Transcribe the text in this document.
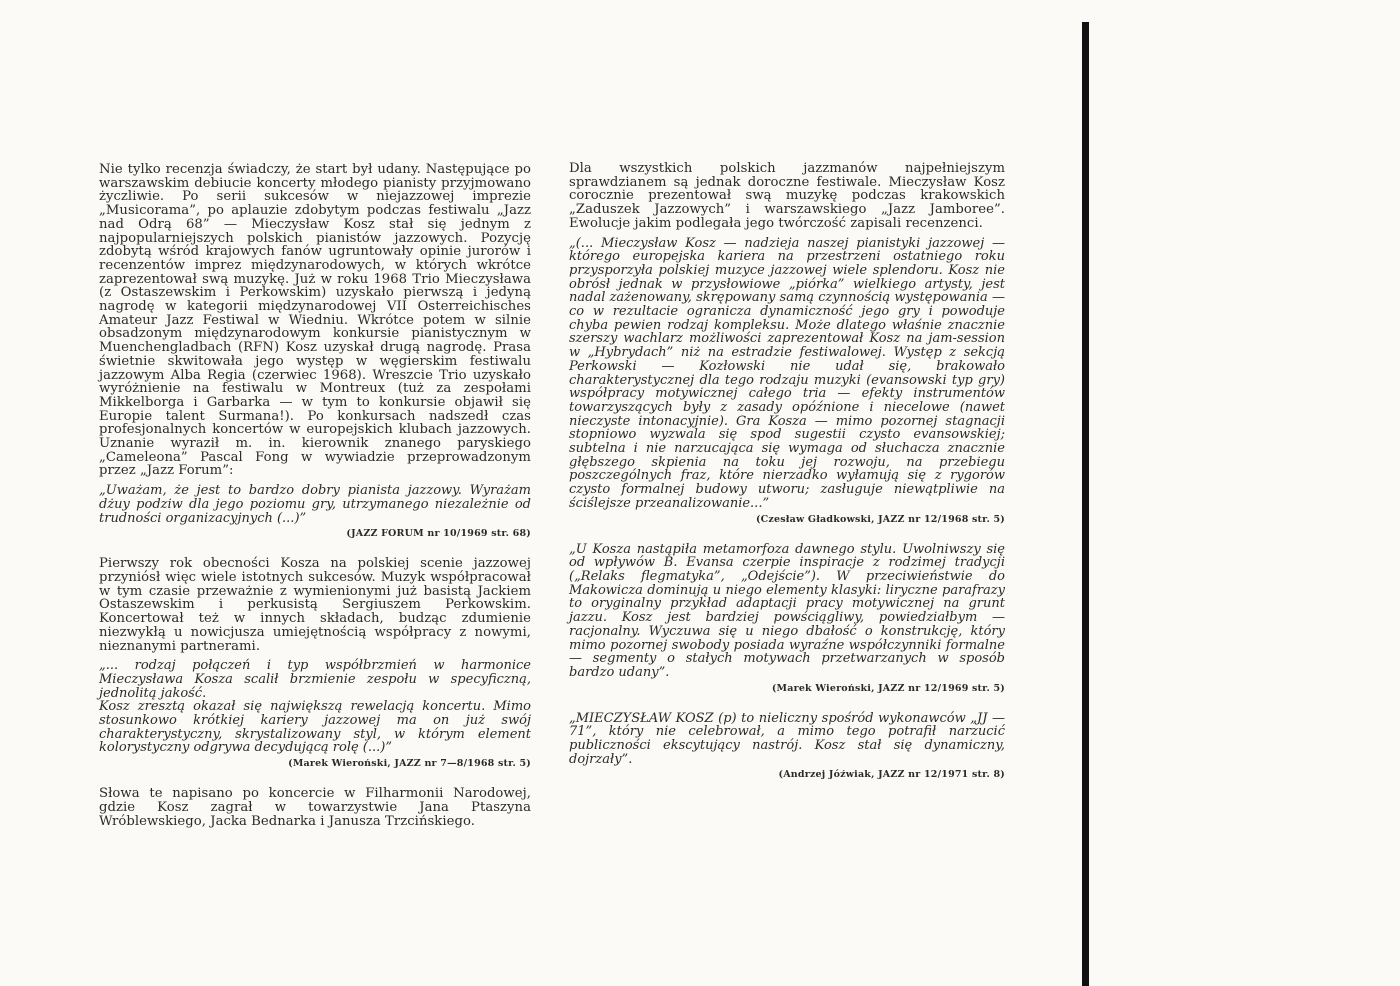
Nie tylko recenzja świadczy, że start był udany. Następujące po warszawskim debiucie koncerty młodego pianisty przyjmowano życzliwie. Po serii sukcesów w niejazzowej imprezie „Musicorama”, po aplauzie zdobytym podczas festiwalu „Jazz nad Odrą 68” — Mieczysław Kosz stał się jednym z najpopularniejszych polskich pianistów jazzowych. Pozycję zdobytą wśród krajowych fanów ugruntowały opinie jurorów i recenzentów imprez międzynarodowych, w których wkrótce zaprezentował swą muzykę. Już w roku 1968 Trio Mieczysława (z Ostaszewskim i Perkowskim) uzyskało pierwszą i jedyną nagrodę w kategorii międzynarodowej VII Osterreichisches Amateur Jazz Festiwal w Wiedniu. Wkrótce potem w silnie obsadzonym międzynarodowym konkursie pianistycznym w Muenchengladbach (RFN) Kosz uzyskał drugą nagrodę. Prasa świetnie skwitowała jego występ w węgierskim festiwalu jazzowym Alba Regia (czerwiec 1968). Wreszcie Trio uzyskało wyróżnienie na festiwalu w Montreux (tuż za zespołami Mikkelborga i Garbarka — w tym to konkursie objawił się Europie talent Surmana!). Po konkursach nadszedł czas profesjonalnych koncertów w europejskich klubach jazzowych. Uznanie wyraził m. in. kierownik znanego paryskiego „Cameleona” Pascal Fong w wywiadzie przeprowadzonym przez „Jazz Forum”:

„Uważam, że jest to bardzo dobry pianista jazzowy. Wyrażam dżuy podziw dla jego poziomu gry, utrzymanego niezależnie od trudności organizacyjnych (...)”

(JAZZ FORUM nr 10/1969 str. 68)

Pierwszy rok obecności Kosza na polskiej scenie jazzowej przyniósł więc wiele istotnych sukcesów. Muzyk współpracował w tym czasie przeważnie z wymienionymi już basistą Jackiem Ostaszewskim i perkusistą Sergiuszem Perkowskim. Koncertował też w innych składach, budząc zdumienie niezwykłą u nowicjusza umiejętnością współpracy z nowymi, nieznanymi partnerami.

„... rodzaj połączeń i typ współbrzmień w harmonice Mieczysława Kosza scalił brzmienie zespołu w specyficzną, jednolitą jakość.

Kosz zresztą okazał się największą rewelacją koncertu. Mimo stosunkowo krótkiej kariery jazzowej ma on już swój charakterystyczny, skrystalizowany styl, w którym element kolorystyczny odgrywa decydującą rolę (...)”

(Marek Wieroński, JAZZ nr 7—8/1968 str. 5)

Słowa te napisano po koncercie w Filharmonii Narodowej, gdzie Kosz zagrał w towarzystwie Jana Ptaszyna Wróblewskiego, Jacka Bednarka i Janusza Trzcińskiego.

Dla wszystkich polskich jazzmanów najpełniejszym sprawdzianem są jednak doroczne festiwale. Mieczysław Kosz corocznie prezentował swą muzykę podczas krakowskich „Zaduszek Jazzowych” i warszawskiego „Jazz Jamboree”. Ewolucje jakim podlegała jego twórczość zapisali recenzenci.

„(... Mieczysław Kosz — nadzieja naszej pianistyki jazzowej — którego europejska kariera na przestrzeni ostatniego roku przysporzyła polskiej muzyce jazzowej wiele splendoru. Kosz nie obrósł jednak w przysłowiowe „piórka” wielkiego artysty, jest nadal zażenowany, skrępowany samą czynnością występowania — co w rezultacie ogranicza dynamiczność jego gry i powoduje chyba pewien rodzaj kompleksu. Może dlatego właśnie znacznie szerszy wachlarz możliwości zaprezentował Kosz na jam-session w „Hybrydach” niż na estradzie festiwalowej. Występ z sekcją Perkowski — Kozłowski nie udał się, brakowało charakterystycznej dla tego rodzaju muzyki (evansowski typ gry) współpracy motywicznej całego tria — efekty instrumentów towarzyszących były z zasady opóźnione i niecelowe (nawet nieczyste intonacyjnie). Gra Kosza — mimo pozornej stagnacji stopniowo wyzwala się spod sugestii czysto evansowskiej; subtelna i nie narzucająca się wymaga od słuchacza znacznie głębszego skpienia na toku jej rozwoju, na przebiegu poszczególnych fraz, które nierzadko wyłamują się z rygorów czysto formalnej budowy utworu; zasługuje niewątpliwie na ściślejsze przeanalizowanie...”

(Czesław Gładkowski, JAZZ nr 12/1968 str. 5)

„U Kosza nastąpiła metamorfoza dawnego stylu. Uwolniwszy się od wpływów B. Evansa czerpie inspiracje z rodzimej tradycji („Relaks flegmatyka”, „Odejście”). W przeciwieństwie do Makowicza dominują u niego elementy klasyki: liryczne parafrazy to oryginalny przykład adaptacji pracy motywicznej na grunt jazzu. Kosz jest bardziej powściągliwy, powiedziałbym — racjonalny. Wyczuwa się u niego dbałość o konstrukcję, który mimo pozornej swobody posiada wyraźne współczynniki formalne — segmenty o stałych motywach przetwarzanych w sposób bardzo udany”.

(Marek Wieroński, JAZZ nr 12/1969 str. 5)

„MIECZYSŁAW KOSZ (p) to nieliczny spośród wykonawców „JJ — 71”, który nie celebrował, a mimo tego potrafił narzucić publiczności ekscytujący nastrój. Kosz stał się dynamiczny, dojrzały”.

(Andrzej Jóźwiak, JAZZ nr 12/1971 str. 8)
